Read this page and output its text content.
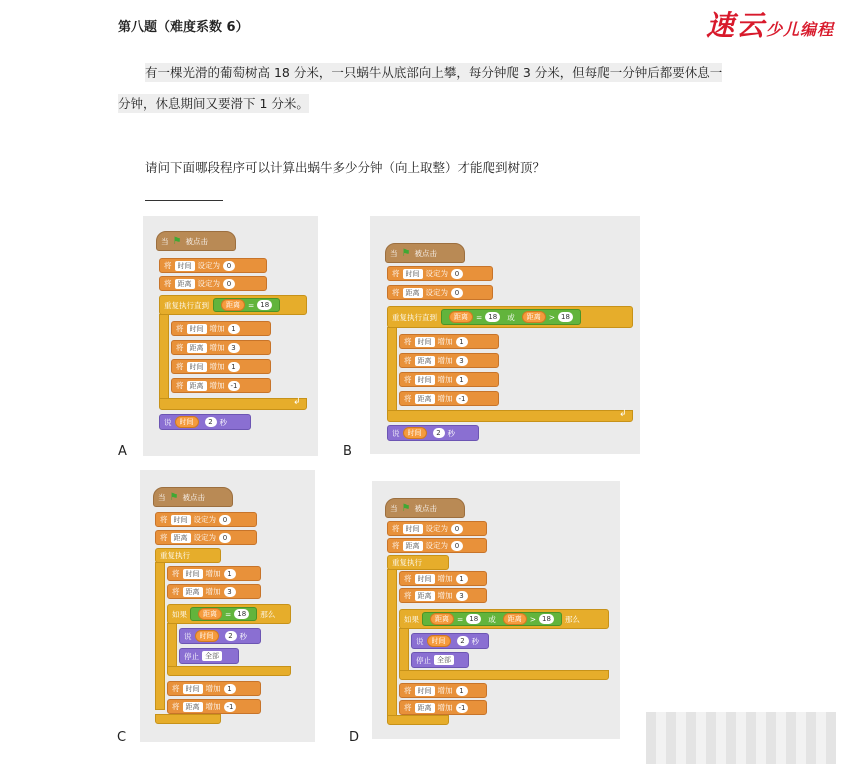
第八题（难度系数 6）	速云少儿编程
有一棵光滑的葡萄树高 18 分米，一只蜗牛从底部向上攀，每分钟爬 3 分米，但每爬一分钟后都要休息一
分钟，休息期间又要滑下 1 分米。
请问下面哪段程序可以计算出蜗牛多少分钟（向上取整）才能爬到树顶？
当 ⚑ 被点击
将 时间 设定为 0
将 距离 设定为 0
重复执行直到	距离	= 18
将 时间 增加 1
将 距离 增加 3
将 时间 增加 1
将 距离 增加 -1
↲
说	时间	2 秒
A
当 ⚑ 被点击
将 时间 设定为 0
将 距离 设定为 0
重复执行直到	距离	= 18	或	距离	> 18
将 时间 增加 1
将 距离 增加 3
将 时间 增加 1
将 距离 增加 -1
↲
说	时间	2 秒
B
当 ⚑ 被点击
将 时间 设定为 0
将 距离 设定为 0
重复执行
将 时间 增加 1
将 距离 增加 3
如果	距离	= 18	那么
说	时间	2 秒
停止 全部
将 时间 增加 1
将 距离 增加 -1
C
当 ⚑ 被点击
将 时间 设定为 0
将 距离 设定为 0
重复执行
将 时间 增加 1
将 距离 增加 3
如果	距离	= 18	或	距离	> 18	那么
说	时间	2 秒
停止 全部
将 时间 增加 1
将 距离 增加 -1
D
